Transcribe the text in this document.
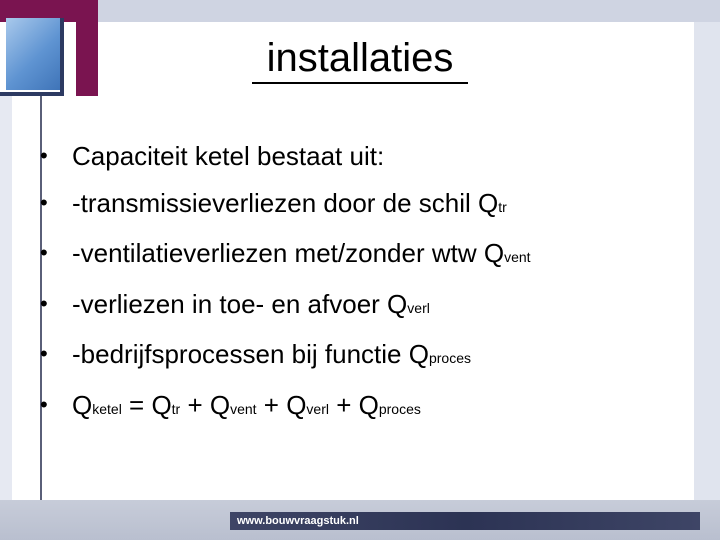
installaties
• Capaciteit ketel bestaat uit:
• -transmissieverliezen door de schil Qtr
• -ventilatieverliezen met/zonder wtw Qvent
• -verliezen in toe- en afvoer Qverl
• -bedrijfsprocessen bij functie Qproces
• Qketel = Qtr + Qvent + Qverl + Qproces
www.bouwvraagstuk.nl
